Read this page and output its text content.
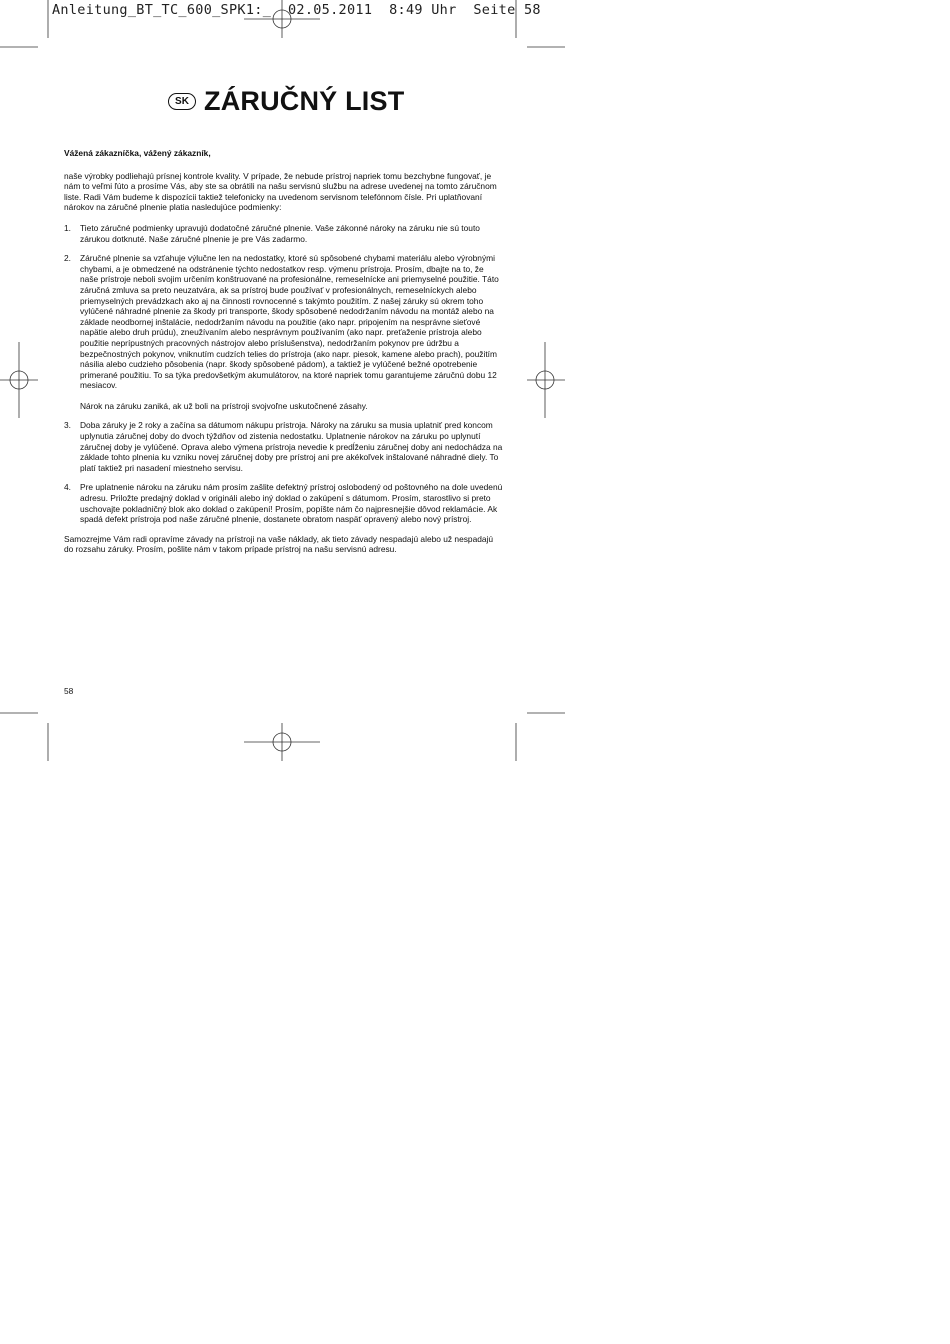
Anleitung_BT_TC_600_SPK1:_  02.05.2011  8:49 Uhr  Seite 58
SK ZÁRUČNÝ LIST

Vážená zákazníčka, vážený zákazník,

naše výrobky podliehajú prísnej kontrole kvality. V prípade, že nebude prístroj napriek tomu bezchybne fungovať, je nám to veľmi ľúto a prosíme Vás, aby ste sa obrátili na našu servisnú službu na adrese uvedenej na tomto záručnom liste. Radi Vám budeme k dispozícii taktiež telefonicky na uvedenom servisnom telefónnom čísle. Pri uplatňovaní nárokov na záručné plnenie platia nasledujúce podmienky:

1. Tieto záručné podmienky upravujú dodatočné záručné plnenie. Vaše zákonné nároky na záruku nie sú touto zárukou dotknuté. Naše záručné plnenie je pre Vás zadarmo.

2. Záručné plnenie sa vzťahuje výlučne len na nedostatky, ktoré sú spôsobené chybami materiálu alebo výrobnými chybami, a je obmedzené na odstránenie týchto nedostatkov resp. výmenu prístroja. Prosím, dbajte na to, že naše prístroje neboli svojim určením konštruované na profesionálne, remeselnícke ani priemyselné použitie. Táto záručná zmluva sa preto neuzatvára, ak sa prístroj bude používať v profesionálnych, remeselníckych alebo priemyselných prevádzkach ako aj na činnosti rovnocenné s takýmto použitím. Z našej záruky sú okrem toho vylúčené náhradné plnenie za škody pri transporte, škody spôsobené nedodržaním návodu na montáž alebo na základe neodbornej inštalácie, nedodržaním návodu na použitie (ako napr. pripojením na nesprávne sieťové napätie alebo druh prúdu), zneužívaním alebo nesprávnym používaním (ako napr. preťaženie prístroja alebo použitie neprípustných pracovných nástrojov alebo príslušenstva), nedodržaním pokynov pre údržbu a bezpečnostných pokynov, vniknutím cudzích telies do prístroja (ako napr. piesok, kamene alebo prach), použitím násilia alebo cudzieho pôsobenia (napr. škody spôsobené pádom), a taktiež je vylúčené bežné opotrebenie primerané použitiu. To sa týka predovšetkým akumulátorov, na ktoré napriek tomu garantujeme záručnú dobu 12 mesiacov.

Nárok na záruku zaniká, ak už boli na prístroji svojvoľne uskutočnené zásahy.

3. Doba záruky je 2 roky a začína sa dátumom nákupu prístroja. Nároky na záruku sa musia uplatniť pred koncom uplynutia záručnej doby do dvoch týždňov od zistenia nedostatku. Uplatnenie nárokov na záruku po uplynutí záručnej doby je vylúčené. Oprava alebo výmena prístroja nevedie k predĺženiu záručnej doby ani nedochádza na základe tohto plnenia ku vzniku novej záručnej doby pre prístroj ani pre akékoľvek inštalované náhradné diely. To platí taktiež pri nasadení miestneho servisu.

4. Pre uplatnenie nároku na záruku nám prosím zašlite defektný prístroj oslobodený od poštovného na dole uvedenú adresu. Priložte predajný doklad v origináli alebo iný doklad o zakúpení s dátumom. Prosím, starostlivo si preto uschovajte pokladničný blok ako doklad o zakúpení! Prosím, popíšte nám čo najpresnejšie dôvod reklamácie. Ak spadá defekt prístroja pod naše záručné plnenie, dostanete obratom naspäť opravený alebo nový prístroj.

Samozrejme Vám radi opravíme závady na prístroji na vaše náklady, ak tieto závady nespadajú alebo už nespadajú do rozsahu záruky. Prosím, pošlite nám v takom prípade prístroj na našu servisnú adresu.

58
